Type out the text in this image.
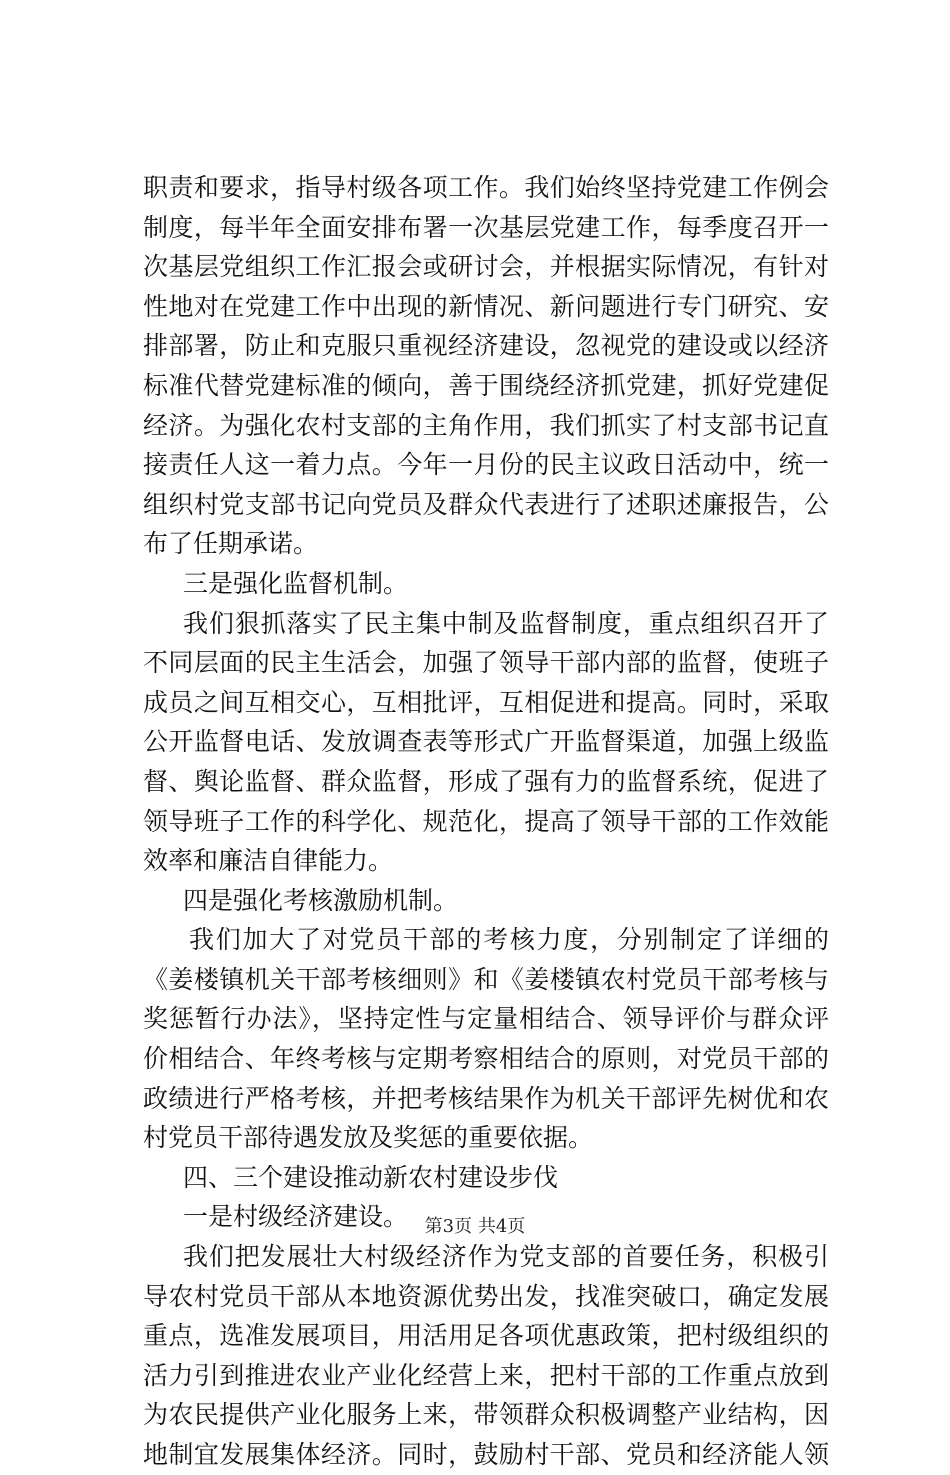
职责和要求，指导村级各项工作。我们始终坚持党建工作例会
制度，每半年全面安排布署一次基层党建工作，每季度召开一
次基层党组织工作汇报会或研讨会，并根据实际情况，有针对
性地对在党建工作中出现的新情况、新问题进行专门研究、安
排部署，防止和克服只重视经济建设，忽视党的建设或以经济
标准代替党建标准的倾向，善于围绕经济抓党建，抓好党建促
经济。为强化农村支部的主角作用，我们抓实了村支部书记直
接责任人这一着力点。今年一月份的民主议政日活动中，统一
组织村党支部书记向党员及群众代表进行了述职述廉报告，公
布了任期承诺。
三是强化监督机制。
我们狠抓落实了民主集中制及监督制度，重点组织召开了
不同层面的民主生活会，加强了领导干部内部的监督，使班子
成员之间互相交心，互相批评，互相促进和提高。同时，采取
公开监督电话、发放调查表等形式广开监督渠道，加强上级监
督、舆论监督、群众监督，形成了强有力的监督系统，促进了
领导班子工作的科学化、规范化，提高了领导干部的工作效能
效率和廉洁自律能力。
四是强化考核激励机制。
我们加大了对党员干部的考核力度，分别制定了详细的
《姜楼镇机关干部考核细则》和《姜楼镇农村党员干部考核与
奖惩暂行办法》，坚持定性与定量相结合、领导评价与群众评
价相结合、年终考核与定期考察相结合的原则，对党员干部的
政绩进行严格考核，并把考核结果作为机关干部评先树优和农
村党员干部待遇发放及奖惩的重要依据。
四、三个建设推动新农村建设步伐
一是村级经济建设。
我们把发展壮大村级经济作为党支部的首要任务，积极引
导农村党员干部从本地资源优势出发，找准突破口，确定发展
重点，选准发展项目，用活用足各项优惠政策，把村级组织的
活力引到推进农业产业化经营上来，把村干部的工作重点放到
为农民提供产业化服务上来，带领群众积极调整产业结构，因
地制宜发展集体经济。同时，鼓励村干部、党员和经济能人领
第3页 共4页
